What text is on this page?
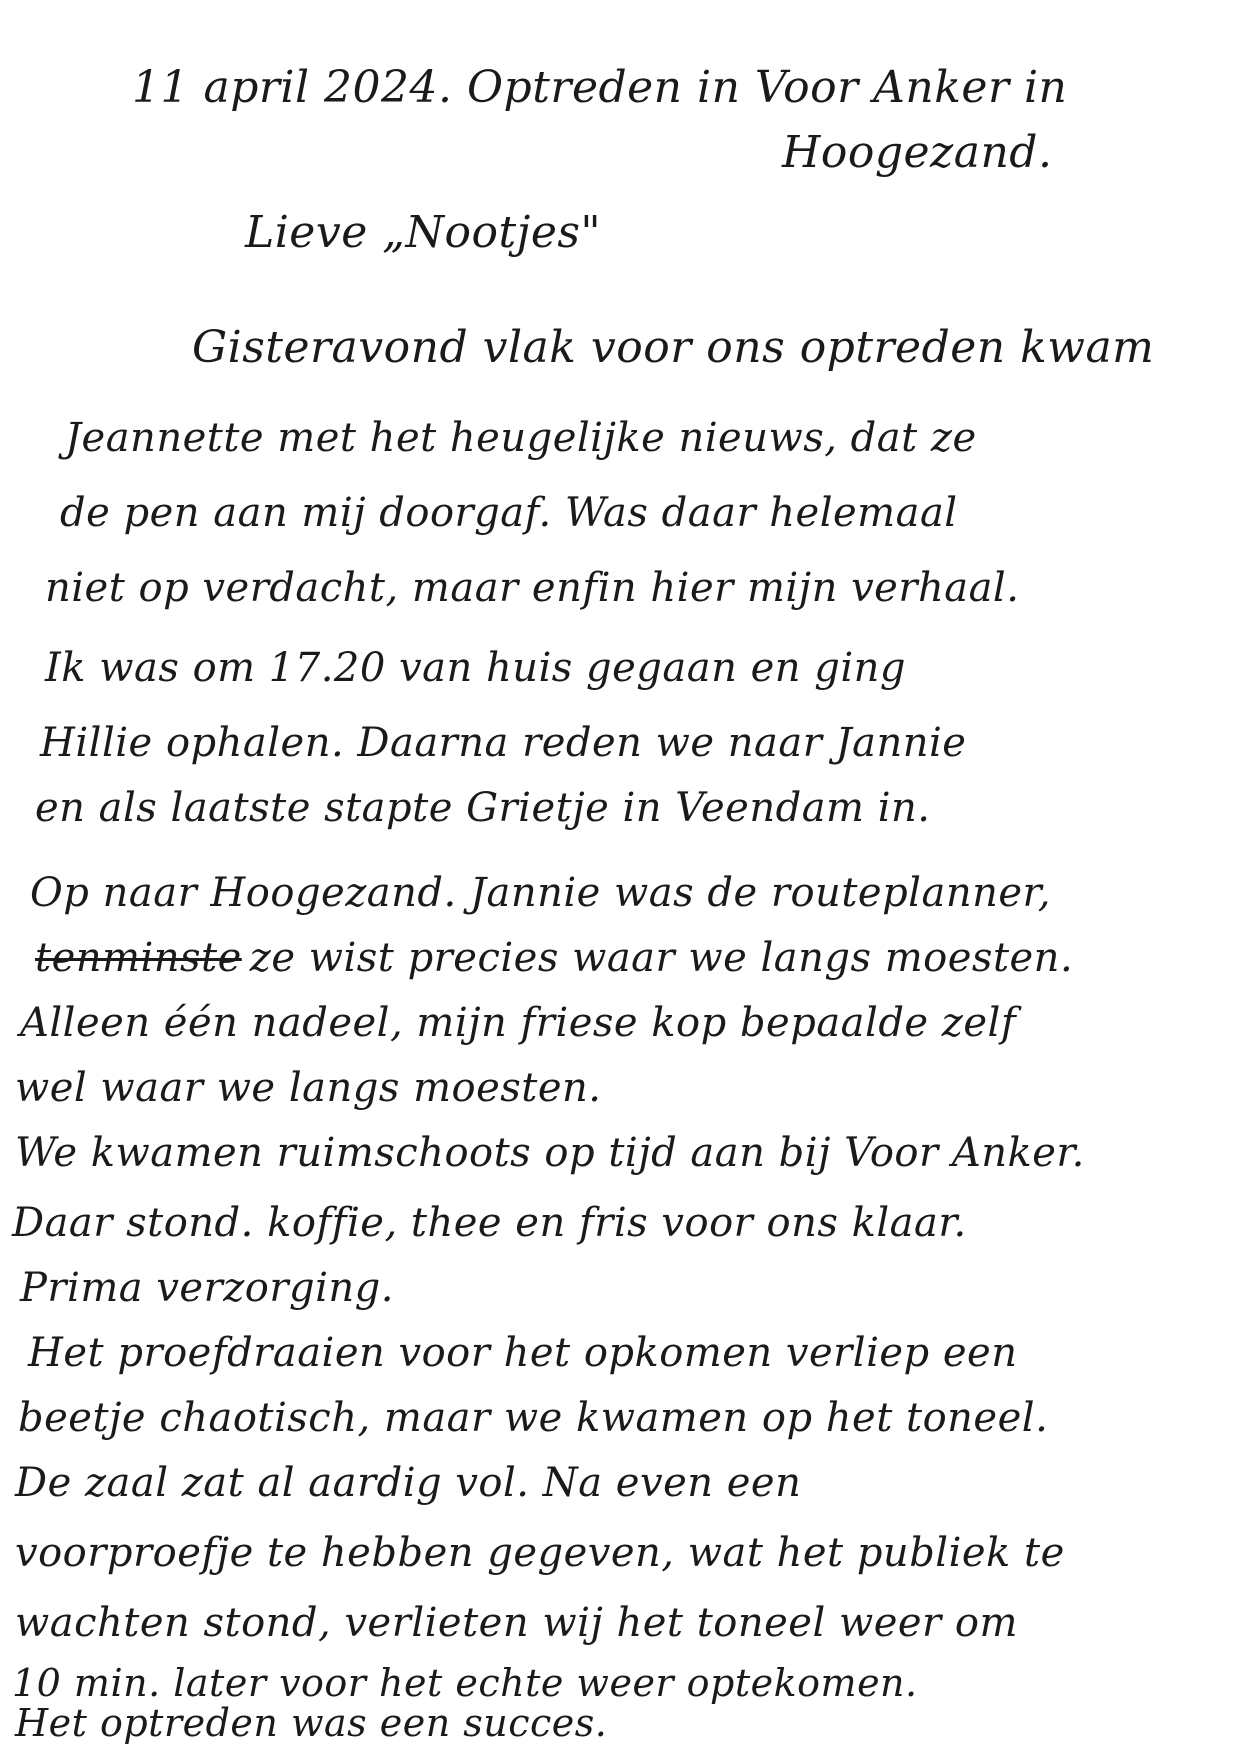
11 april 2024. Optreden in Voor Anker in

Hoogezand.

Lieve „Nootjes"

Gisteravond vlak voor ons optreden kwam

Jeannette met het heugelijke nieuws, dat ze

de pen aan mij doorgaf. Was daar helemaal

niet op verdacht, maar enfin hier mijn verhaal.

Ik was om 17.20 van huis gegaan en ging

Hillie ophalen. Daarna reden we naar Jannie

en als laatste stapte Grietje in Veendam in.

Op naar Hoogezand. Jannie was de routeplanner,

tenminste ze wist precies waar we langs moesten.

Alleen één nadeel, mijn friese kop bepaalde zelf

wel waar we langs moesten.

We kwamen ruimschoots op tijd aan bij Voor Anker.

Daar stond. koffie, thee en fris voor ons klaar.

Prima verzorging.

Het proefdraaien voor het opkomen verliep een

beetje chaotisch, maar we kwamen op het toneel.

De zaal zat al aardig vol. Na even een

voorproefje te hebben gegeven, wat het publiek te

wachten stond, verlieten wij het toneel weer om

10 min. later voor het echte weer optekomen.

Het optreden was een succes.
